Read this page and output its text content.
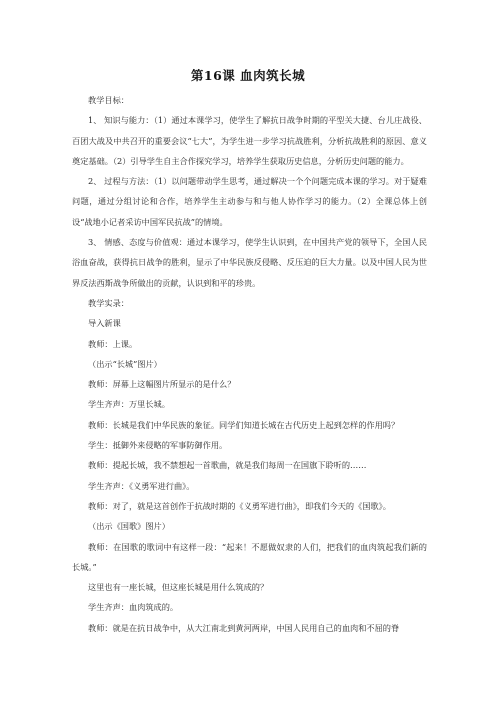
第16课 血肉筑长城

教学目标：

1、 知识与能力：（1）通过本课学习，使学生了解抗日战争时期的平型关大捷、台儿庄战役、百团大战及中共召开的重要会议“七大”，为学生进一步学习抗战胜利，分析抗战胜利的原因、意义奠定基础。（2）引导学生自主合作探究学习，培养学生获取历史信息，分析历史问题的能力。

2、 过程与方法：（1）以问题带动学生思考，通过解决一个个问题完成本课的学习。对于疑难问题，通过分组讨论和合作，培养学生主动参与和与他人协作学习的能力。（2）全课总体上创设“战地小记者采访中国军民抗战”的情境。

3、 情感、态度与价值观：通过本课学习，使学生认识到，在中国共产党的领导下，全国人民浴血奋战，获得抗日战争的胜利，显示了中华民族反侵略、反压迫的巨大力量。以及中国人民为世界反法西斯战争所做出的贡献，认识到和平的珍贵。

教学实录：

导入新课

教师：上课。

（出示“长城”图片）

教师：屏幕上这幅图片所显示的是什么？

学生齐声：万里长城。

教师：长城是我们中华民族的象征。同学们知道长城在古代历史上起到怎样的作用吗？

学生：抵御外来侵略的军事防御作用。

教师：提起长城，我不禁想起一首歌曲，就是我们每周一在国旗下聆听的……

学生齐声：《义勇军进行曲》。

教师：对了，就是这首创作于抗战时期的《义勇军进行曲》，即我们今天的《国歌》。

（出示《国歌》图片）

教师：在国歌的歌词中有这样一段：“起来！不愿做奴隶的人们，把我们的血肉筑起我们新的长城。”

这里也有一座长城，但这座长城是用什么筑成的？

学生齐声：血肉筑成的。

教师：就是在抗日战争中，从大江南北到黄河两岸，中国人民用自己的血肉和不屈的脊
